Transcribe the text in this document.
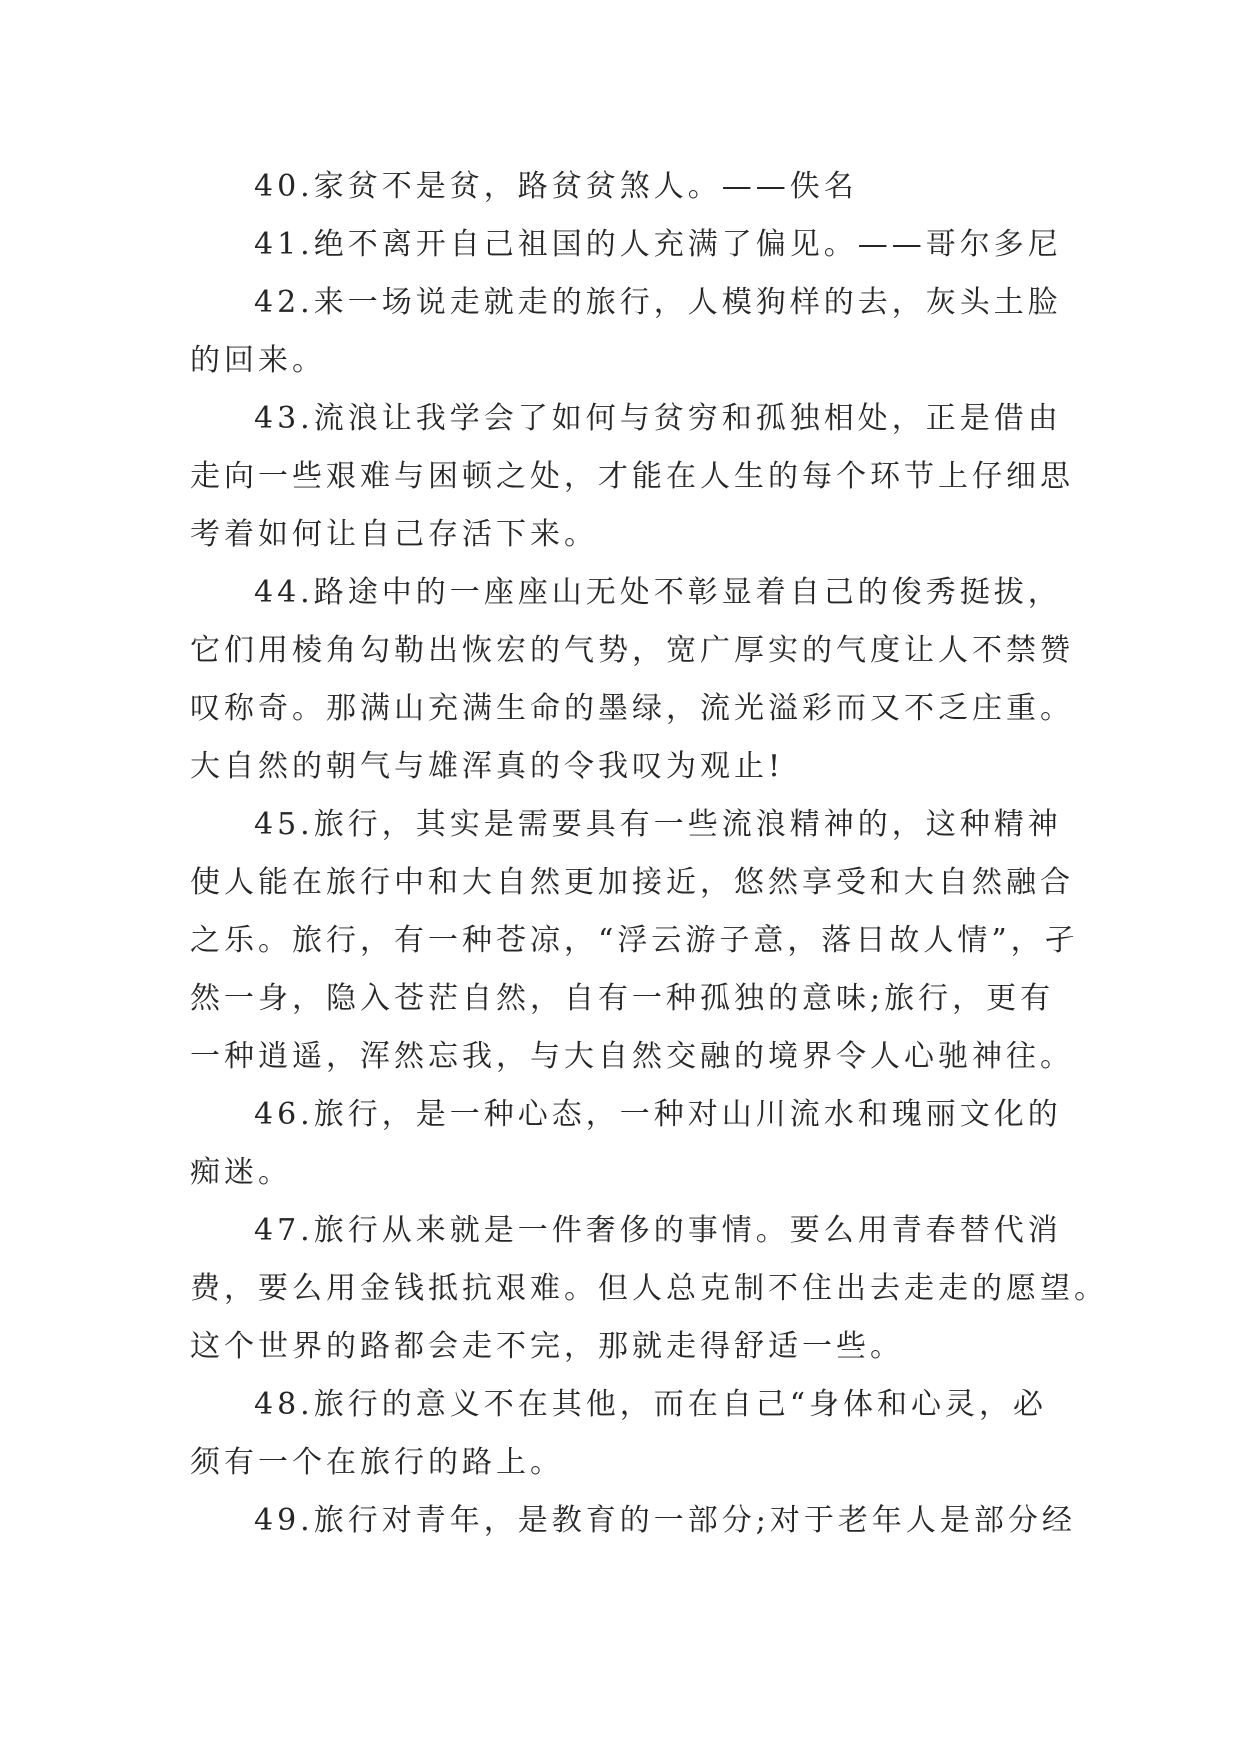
40.家贫不是贫，路贫贫煞人。——佚名
41.绝不离开自己祖国的人充满了偏见。——哥尔多尼
42.来一场说走就走的旅行，人模狗样的去，灰头土脸
的回来。
43.流浪让我学会了如何与贫穷和孤独相处，正是借由
走向一些艰难与困顿之处，才能在人生的每个环节上仔细思
考着如何让自己存活下来。
44.路途中的一座座山无处不彰显着自己的俊秀挺拔，
它们用棱角勾勒出恢宏的气势，宽广厚实的气度让人不禁赞
叹称奇。那满山充满生命的墨绿，流光溢彩而又不乏庄重。
大自然的朝气与雄浑真的令我叹为观止!
45.旅行，其实是需要具有一些流浪精神的，这种精神
使人能在旅行中和大自然更加接近，悠然享受和大自然融合
之乐。旅行，有一种苍凉，“浮云游子意，落日故人情”，孑
然一身，隐入苍茫自然，自有一种孤独的意味;旅行，更有
一种逍遥，浑然忘我，与大自然交融的境界令人心驰神往。
46.旅行，是一种心态，一种对山川流水和瑰丽文化的
痴迷。
47.旅行从来就是一件奢侈的事情。要么用青春替代消
费，要么用金钱抵抗艰难。但人总克制不住出去走走的愿望。
这个世界的路都会走不完，那就走得舒适一些。
48.旅行的意义不在其他，而在自己“身体和心灵，必
须有一个在旅行的路上。
49.旅行对青年，是教育的一部分;对于老年人是部分经
